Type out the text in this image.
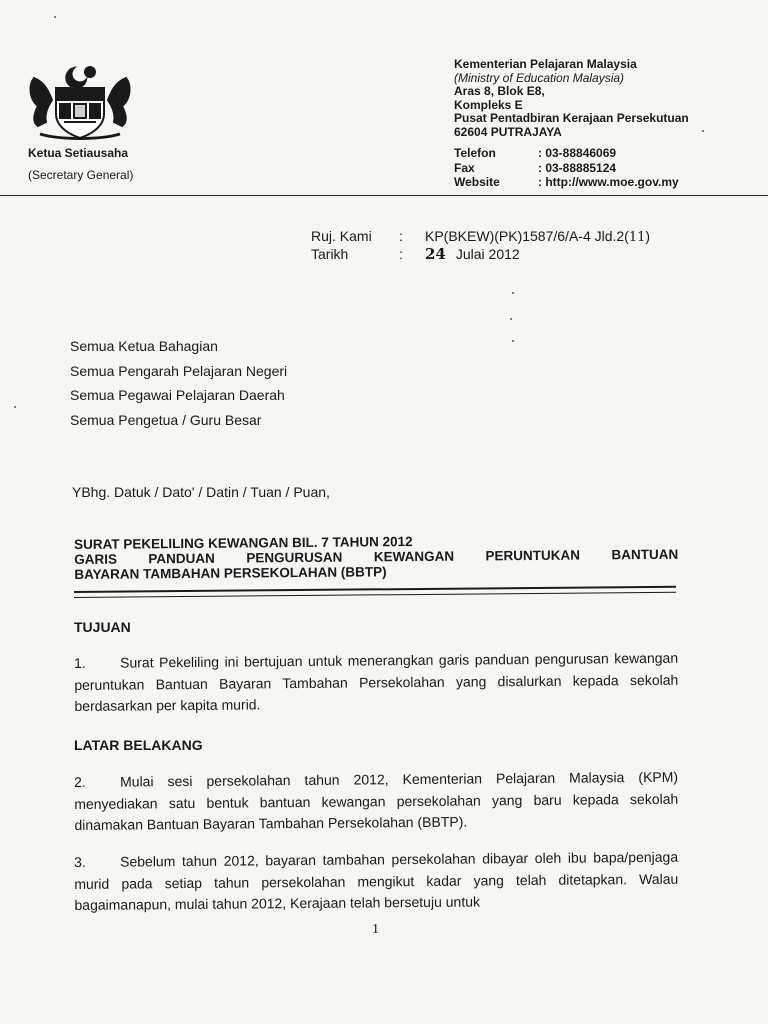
Ketua Setiausaha
(Secretary General)
Kementerian Pelajaran Malaysia
(Ministry of Education Malaysia)
Aras 8, Blok E8,
Kompleks E
Pusat Pentadbiran Kerajaan Persekutuan
62604 PUTRAJAYA
Telefon	: 03-88846069
Fax	: 03-88885124
Website	: http://www.moe.gov.my
Ruj. Kami	:	KP(BKEW)(PK)1587/6/A-4 Jld.2(11)
Tarikh	:	24 Julai 2012
Semua Ketua Bahagian
Semua Pengarah Pelajaran Negeri
Semua Pegawai Pelajaran Daerah
Semua Pengetua / Guru Besar
YBhg. Datuk / Dato' / Datin / Tuan / Puan,
SURAT PEKELILING KEWANGAN BIL. 7 TAHUN 2012
GARIS PANDUAN PENGURUSAN KEWANGAN PERUNTUKAN BANTUAN
BAYARAN TAMBAHAN PERSEKOLAHAN (BBTP)
TUJUAN
1. Surat Pekeliling ini bertujuan untuk menerangkan garis panduan pengurusan kewangan peruntukan Bantuan Bayaran Tambahan Persekolahan yang disalurkan kepada sekolah berdasarkan per kapita murid.
LATAR BELAKANG
2. Mulai sesi persekolahan tahun 2012, Kementerian Pelajaran Malaysia (KPM) menyediakan satu bentuk bantuan kewangan persekolahan yang baru kepada sekolah dinamakan Bantuan Bayaran Tambahan Persekolahan (BBTP).
3. Sebelum tahun 2012, bayaran tambahan persekolahan dibayar oleh ibu bapa/penjaga murid pada setiap tahun persekolahan mengikut kadar yang telah ditetapkan. Walau bagaimanapun, mulai tahun 2012, Kerajaan telah bersetuju untuk
1
